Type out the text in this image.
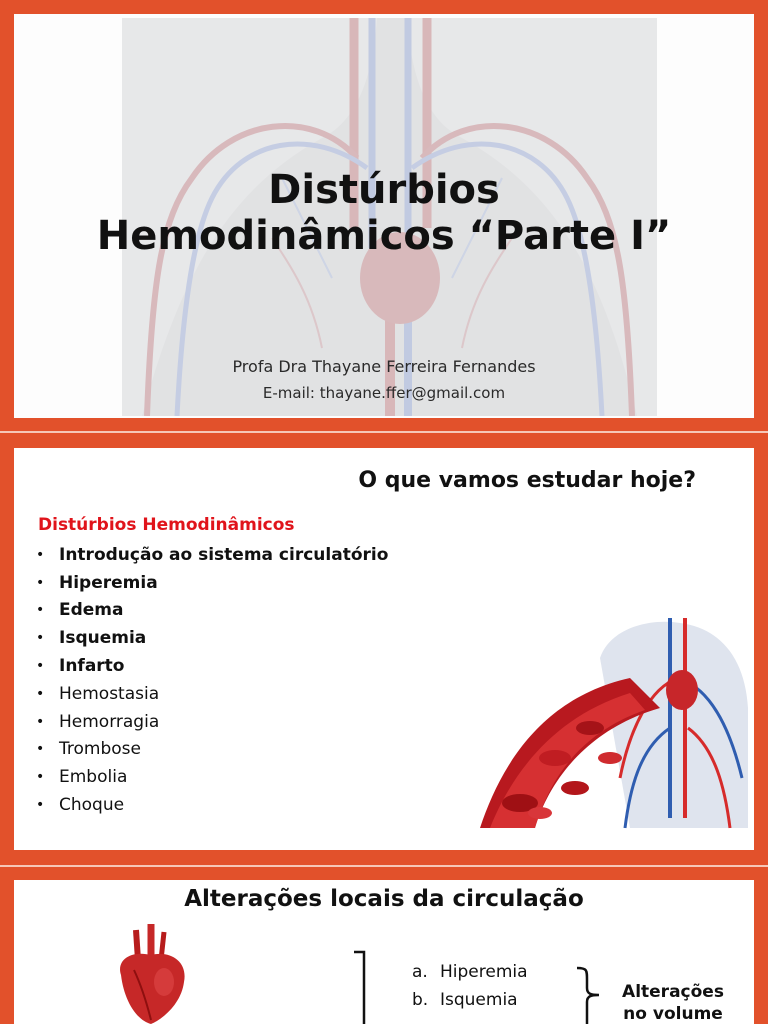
Distúrbios
Hemodinâmicos “Parte I”
Profa Dra Thayane Ferreira Fernandes
E-mail: thayane.ffer@gmail.com
O que vamos estudar hoje?
Distúrbios Hemodinâmicos
• Introdução ao sistema circulatório
• Hiperemia
• Edema
• Isquemia
• Infarto
• Hemostasia
• Hemorragia
• Trombose
• Embolia
• Choque
Alterações locais da circulação
a. Hiperemia
b. Isquemia	Alterações
no volume
